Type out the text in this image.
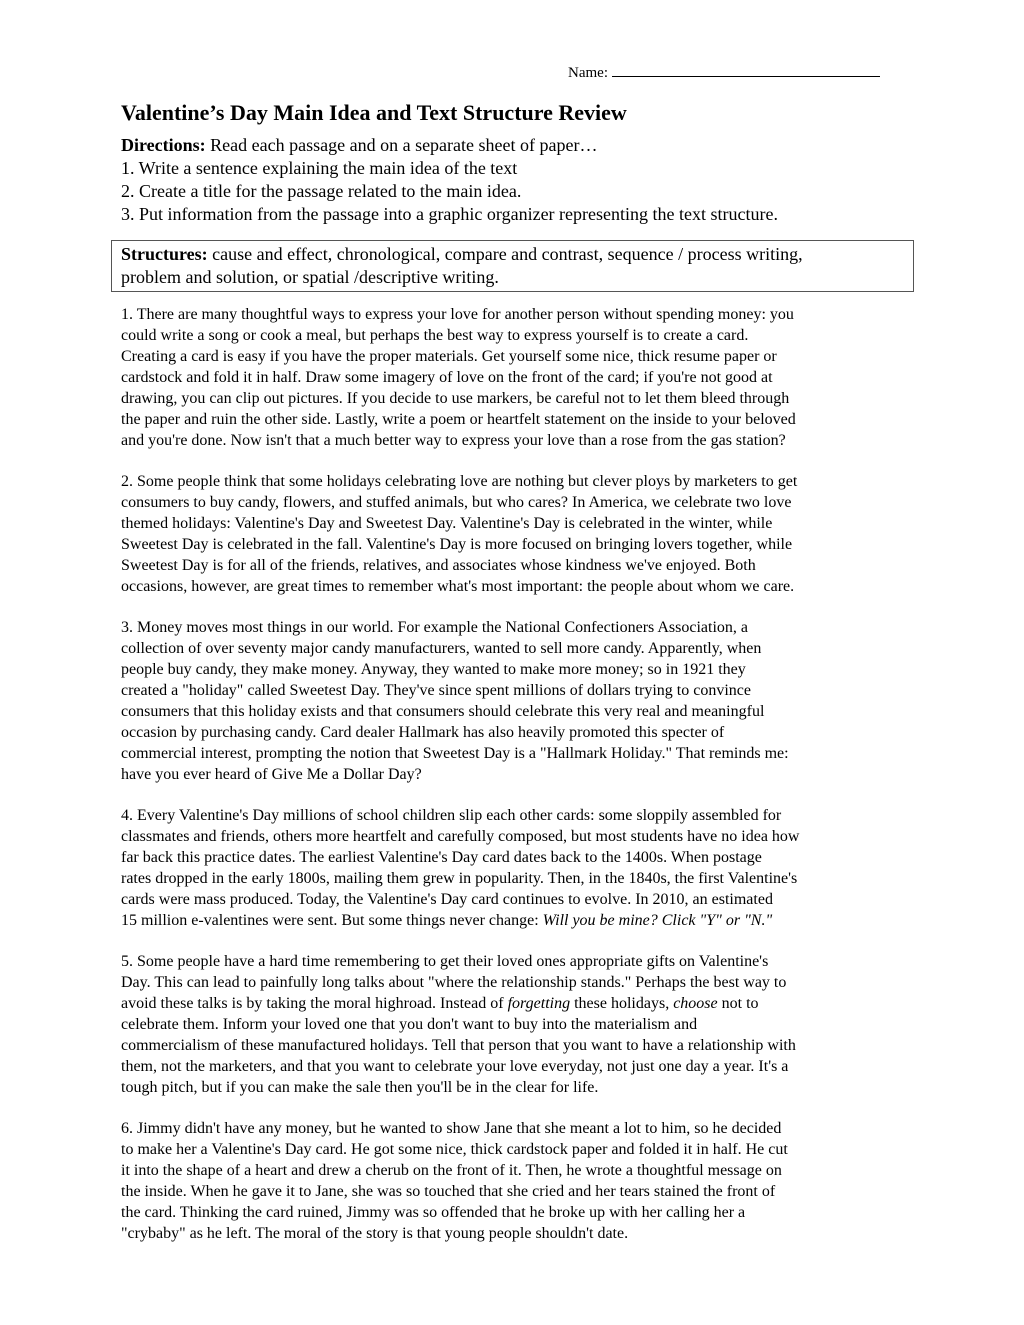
Name:
Valentine’s Day Main Idea and Text Structure Review
Directions: Read each passage and on a separate sheet of paper…
1. Write a sentence explaining the main idea of the text
2. Create a title for the passage related to the main idea.
3. Put information from the passage into a graphic organizer representing the text structure.
Structures: cause and effect, chronological, compare and contrast, sequence / process writing,
problem and solution, or spatial /descriptive writing.
1. There are many thoughtful ways to express your love for another person without spending money: you
could write a song or cook a meal, but perhaps the best way to express yourself is to create a card.
Creating a card is easy if you have the proper materials. Get yourself some nice, thick resume paper or
cardstock and fold it in half. Draw some imagery of love on the front of the card; if you're not good at
drawing, you can clip out pictures. If you decide to use markers, be careful not to let them bleed through
the paper and ruin the other side. Lastly, write a poem or heartfelt statement on the inside to your beloved
and you're done. Now isn't that a much better way to express your love than a rose from the gas station?
2. Some people think that some holidays celebrating love are nothing but clever ploys by marketers to get
consumers to buy candy, flowers, and stuffed animals, but who cares? In America, we celebrate two love
themed holidays: Valentine's Day and Sweetest Day. Valentine's Day is celebrated in the winter, while
Sweetest Day is celebrated in the fall. Valentine's Day is more focused on bringing lovers together, while
Sweetest Day is for all of the friends, relatives, and associates whose kindness we've enjoyed. Both
occasions, however, are great times to remember what's most important: the people about whom we care.
3. Money moves most things in our world. For example the National Confectioners Association, a
collection of over seventy major candy manufacturers, wanted to sell more candy. Apparently, when
people buy candy, they make money. Anyway, they wanted to make more money; so in 1921 they
created a "holiday" called Sweetest Day. They've since spent millions of dollars trying to convince
consumers that this holiday exists and that consumers should celebrate this very real and meaningful
occasion by purchasing candy. Card dealer Hallmark has also heavily promoted this specter of
commercial interest, prompting the notion that Sweetest Day is a "Hallmark Holiday." That reminds me:
have you ever heard of Give Me a Dollar Day?
4. Every Valentine's Day millions of school children slip each other cards: some sloppily assembled for
classmates and friends, others more heartfelt and carefully composed, but most students have no idea how
far back this practice dates. The earliest Valentine's Day card dates back to the 1400s. When postage
rates dropped in the early 1800s, mailing them grew in popularity. Then, in the 1840s, the first Valentine's
cards were mass produced. Today, the Valentine's Day card continues to evolve. In 2010, an estimated
15 million e-valentines were sent. But some things never change: Will you be mine? Click "Y" or "N."
5. Some people have a hard time remembering to get their loved ones appropriate gifts on Valentine's
Day. This can lead to painfully long talks about "where the relationship stands." Perhaps the best way to
avoid these talks is by taking the moral highroad. Instead of forgetting these holidays, choose not to
celebrate them. Inform your loved one that you don't want to buy into the materialism and
commercialism of these manufactured holidays. Tell that person that you want to have a relationship with
them, not the marketers, and that you want to celebrate your love everyday, not just one day a year. It's a
tough pitch, but if you can make the sale then you'll be in the clear for life.
6. Jimmy didn't have any money, but he wanted to show Jane that she meant a lot to him, so he decided
to make her a Valentine's Day card. He got some nice, thick cardstock paper and folded it in half. He cut
it into the shape of a heart and drew a cherub on the front of it. Then, he wrote a thoughtful message on
the inside. When he gave it to Jane, she was so touched that she cried and her tears stained the front of
the card. Thinking the card ruined, Jimmy was so offended that he broke up with her calling her a
"crybaby" as he left. The moral of the story is that young people shouldn't date.
